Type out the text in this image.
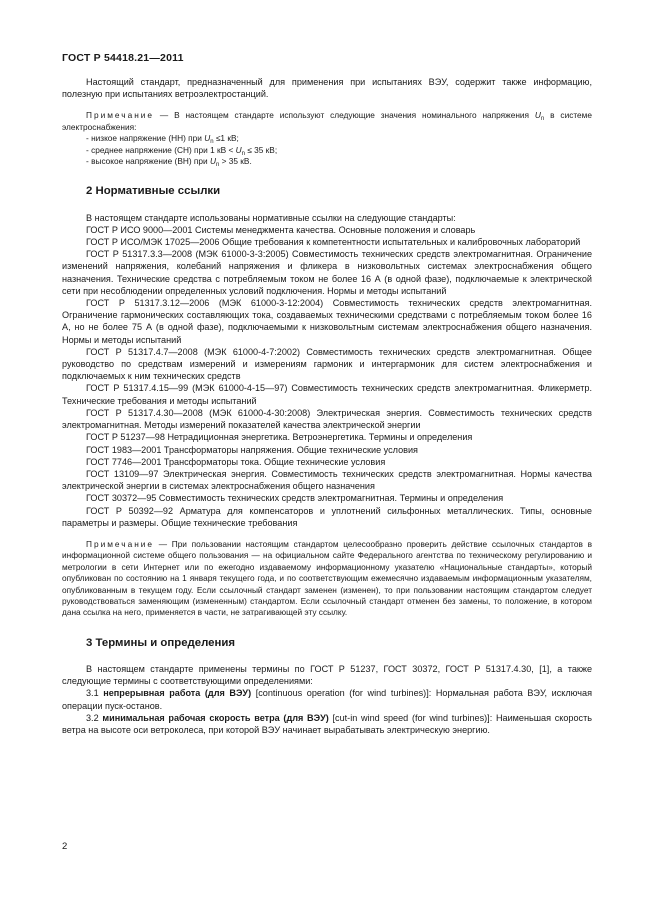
ГОСТ Р 54418.21—2011

Настоящий стандарт, предназначенный для применения при испытаниях ВЭУ, содержит также информацию, полезную при испытаниях ветроэлектростанций.

Примечание — В настоящем стандарте используют следующие значения номинального напряжения $U_n$ в системе электроснабжения:

- низкое напряжение (НН) при $U_n \le 1$ кВ;
- среднее напряжение (СН) при 1 кВ < $U_n \le 35$ кВ;
- высокое напряжение (ВН) при $U_n > 35$ кВ.
2 Нормативные ссылки

В настоящем стандарте использованы нормативные ссылки на следующие стандарты:

ГОСТ Р ИСО 9000—2001 Системы менеджмента качества. Основные положения и словарь

ГОСТ Р ИСО/МЭК 17025—2006 Общие требования к компетентности испытательных и калибровочных лабораторий

ГОСТ Р 51317.3.3—2008 (МЭК 61000-3-3:2005) Совместимость технических средств электромагнитная. Ограничение изменений напряжения, колебаний напряжения и фликера в низковольтных системах электроснабжения общего назначения. Технические средства с потребляемым током не более 16 А (в одной фазе), подключаемые к электрической сети при несоблюдении определенных условий подключения. Нормы и методы испытаний

ГОСТ Р 51317.3.12—2006 (МЭК 61000-3-12:2004) Совместимость технических средств электромагнитная. Ограничение гармонических составляющих тока, создаваемых техническими средствами с потребляемым током более 16 А, но не более 75 А (в одной фазе), подключаемыми к низковольтным системам электроснабжения общего назначения. Нормы и методы испытаний

ГОСТ Р 51317.4.7—2008 (МЭК 61000-4-7:2002) Совместимость технических средств электромагнитная. Общее руководство по средствам измерений и измерениям гармоник и интергармоник для систем электроснабжения и подключаемых к ним технических средств

ГОСТ Р 51317.4.15—99 (МЭК 61000-4-15—97) Совместимость технических средств электромагнитная. Фликерметр. Технические требования и методы испытаний

ГОСТ Р 51317.4.30—2008 (МЭК 61000-4-30:2008) Электрическая энергия. Совместимость технических средств электромагнитная. Методы измерений показателей качества электрической энергии

ГОСТ Р 51237—98 Нетрадиционная энергетика. Ветроэнергетика. Термины и определения

ГОСТ 1983—2001 Трансформаторы напряжения. Общие технические условия

ГОСТ 7746—2001 Трансформаторы тока. Общие технические условия

ГОСТ 13109—97 Электрическая энергия. Совместимость технических средств электромагнитная. Нормы качества электрической энергии в системах электроснабжения общего назначения

ГОСТ 30372—95 Совместимость технических средств электромагнитная. Термины и определения

ГОСТ Р 50392—92 Арматура для компенсаторов и уплотнений сильфонных металлических. Типы, основные параметры и размеры. Общие технические требования

Примечание — При пользовании настоящим стандартом целесообразно проверить действие ссылочных стандартов в информационной системе общего пользования — на официальном сайте Федерального агентства по техническому регулированию и метрологии в сети Интернет или по ежегодно издаваемому информационному указателю «Национальные стандарты», который опубликован по состоянию на 1 января текущего года, и по соответствующим ежемесячно издаваемым информационным указателям, опубликованным в текущем году. Если ссылочный стандарт заменен (изменен), то при пользовании настоящим стандартом следует руководствоваться заменяющим (измененным) стандартом. Если ссылочный стандарт отменен без замены, то положение, в котором дана ссылка на него, применяется в части, не затрагивающей эту ссылку.

3 Термины и определения

В настоящем стандарте применены термины по ГОСТ Р 51237, ГОСТ 30372, ГОСТ Р 51317.4.30, [1], а также следующие термины с соответствующими определениями:

3.1 непрерывная работа (для ВЭУ) [continuous operation (for wind turbines)]: Нормальная работа ВЭУ, исключая операции пуск-останов.

3.2 минимальная рабочая скорость ветра (для ВЭУ) [cut-in wind speed (for wind turbines)]: Наименьшая скорость ветра на высоте оси ветроколеса, при которой ВЭУ начинает вырабатывать электрическую энергию.

2
